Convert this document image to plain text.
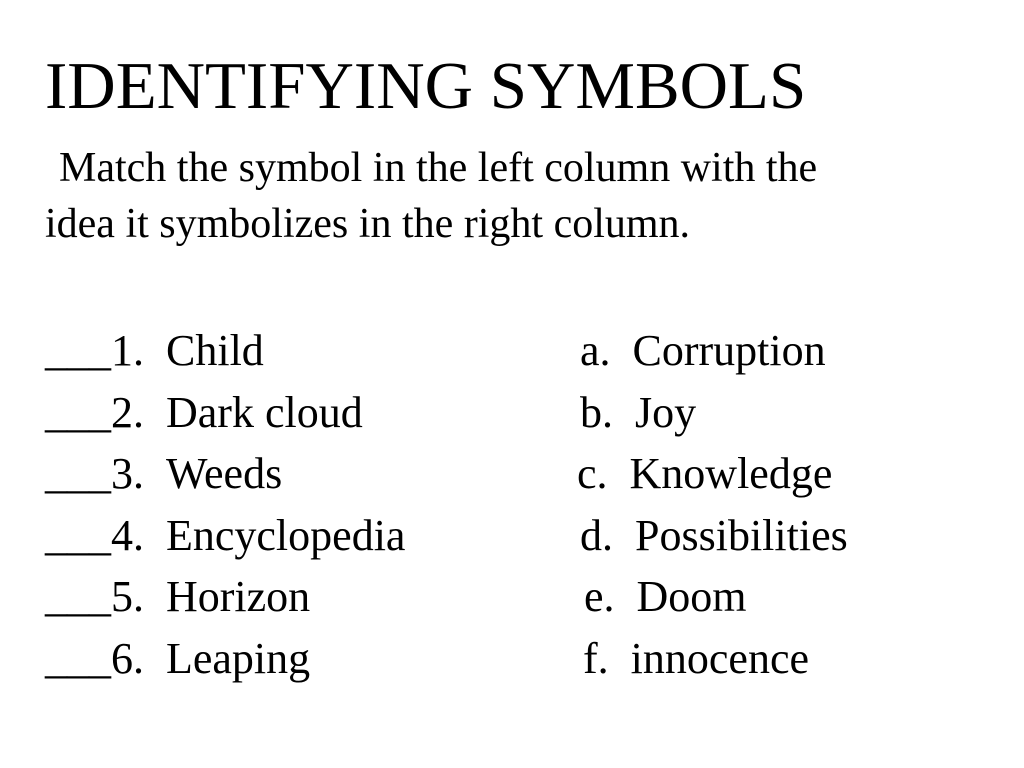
IDENTIFYING SYMBOLS
Match the symbol in the left column with the
idea it symbolizes in the right column.
___1. Child	a. Corruption
___2. Dark cloud	b. Joy
___3. Weeds	c. Knowledge
___4. Encyclopedia	d. Possibilities
___5. Horizon	e. Doom
___6. Leaping	f. innocence
